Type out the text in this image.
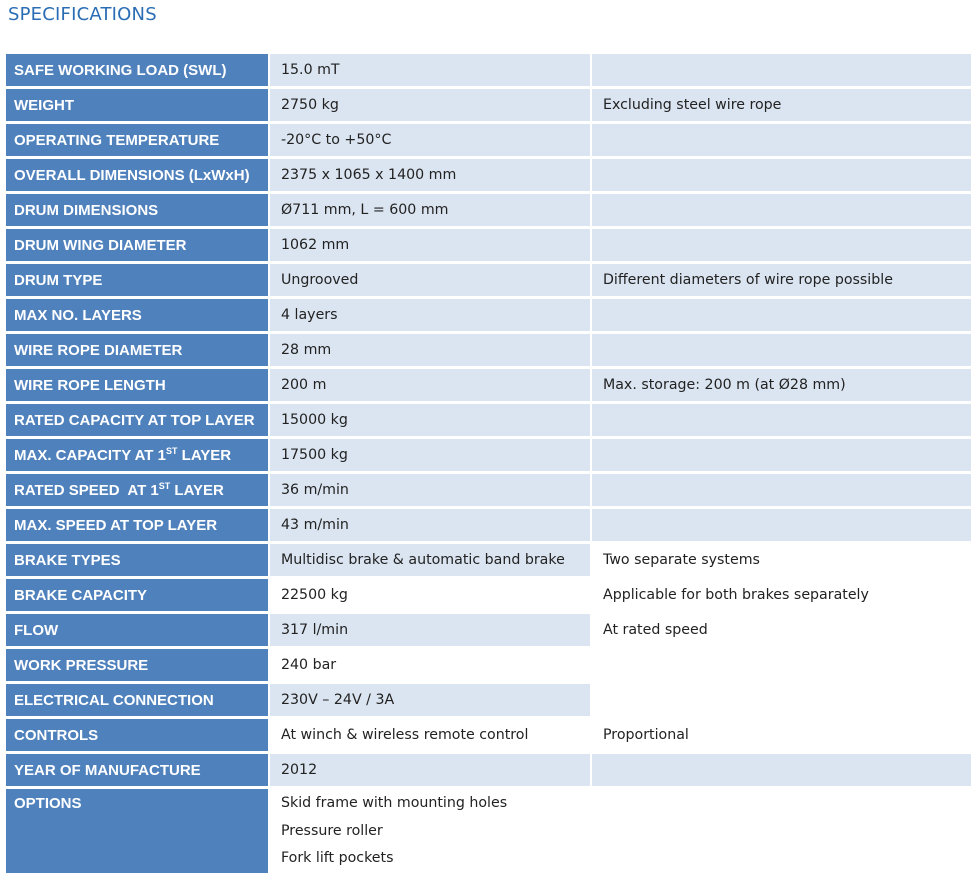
SPECIFICATIONS
SAFE WORKING LOAD (SWL)	15.0 mT	
WEIGHT	2750 kg	Excluding steel wire rope
OPERATING TEMPERATURE	-20°C to +50°C	
OVERALL DIMENSIONS (LxWxH)	2375 x 1065 x 1400 mm	
DRUM DIMENSIONS	Ø711 mm, L = 600 mm	
DRUM WING DIAMETER	1062 mm	
DRUM TYPE	Ungrooved	Different diameters of wire rope possible
MAX NO. LAYERS	4 layers	
WIRE ROPE DIAMETER	28 mm	
WIRE ROPE LENGTH	200 m	Max. storage: 200 m (at Ø28 mm)
RATED CAPACITY AT TOP LAYER	15000 kg	
MAX. CAPACITY AT 1ST LAYER	17500 kg	
RATED SPEED  AT 1ST LAYER	36 m/min	
MAX. SPEED AT TOP LAYER	43 m/min	
BRAKE TYPES	Multidisc brake & automatic band brake	Two separate systems
BRAKE CAPACITY	22500 kg	Applicable for both brakes separately
FLOW	317 l/min	At rated speed
WORK PRESSURE	240 bar	
ELECTRICAL CONNECTION	230V – 24V / 3A	
CONTROLS	At winch & wireless remote control	Proportional
YEAR OF MANUFACTURE	2012	
OPTIONS	Skid frame with mounting holes
Pressure roller
Fork lift pockets	
